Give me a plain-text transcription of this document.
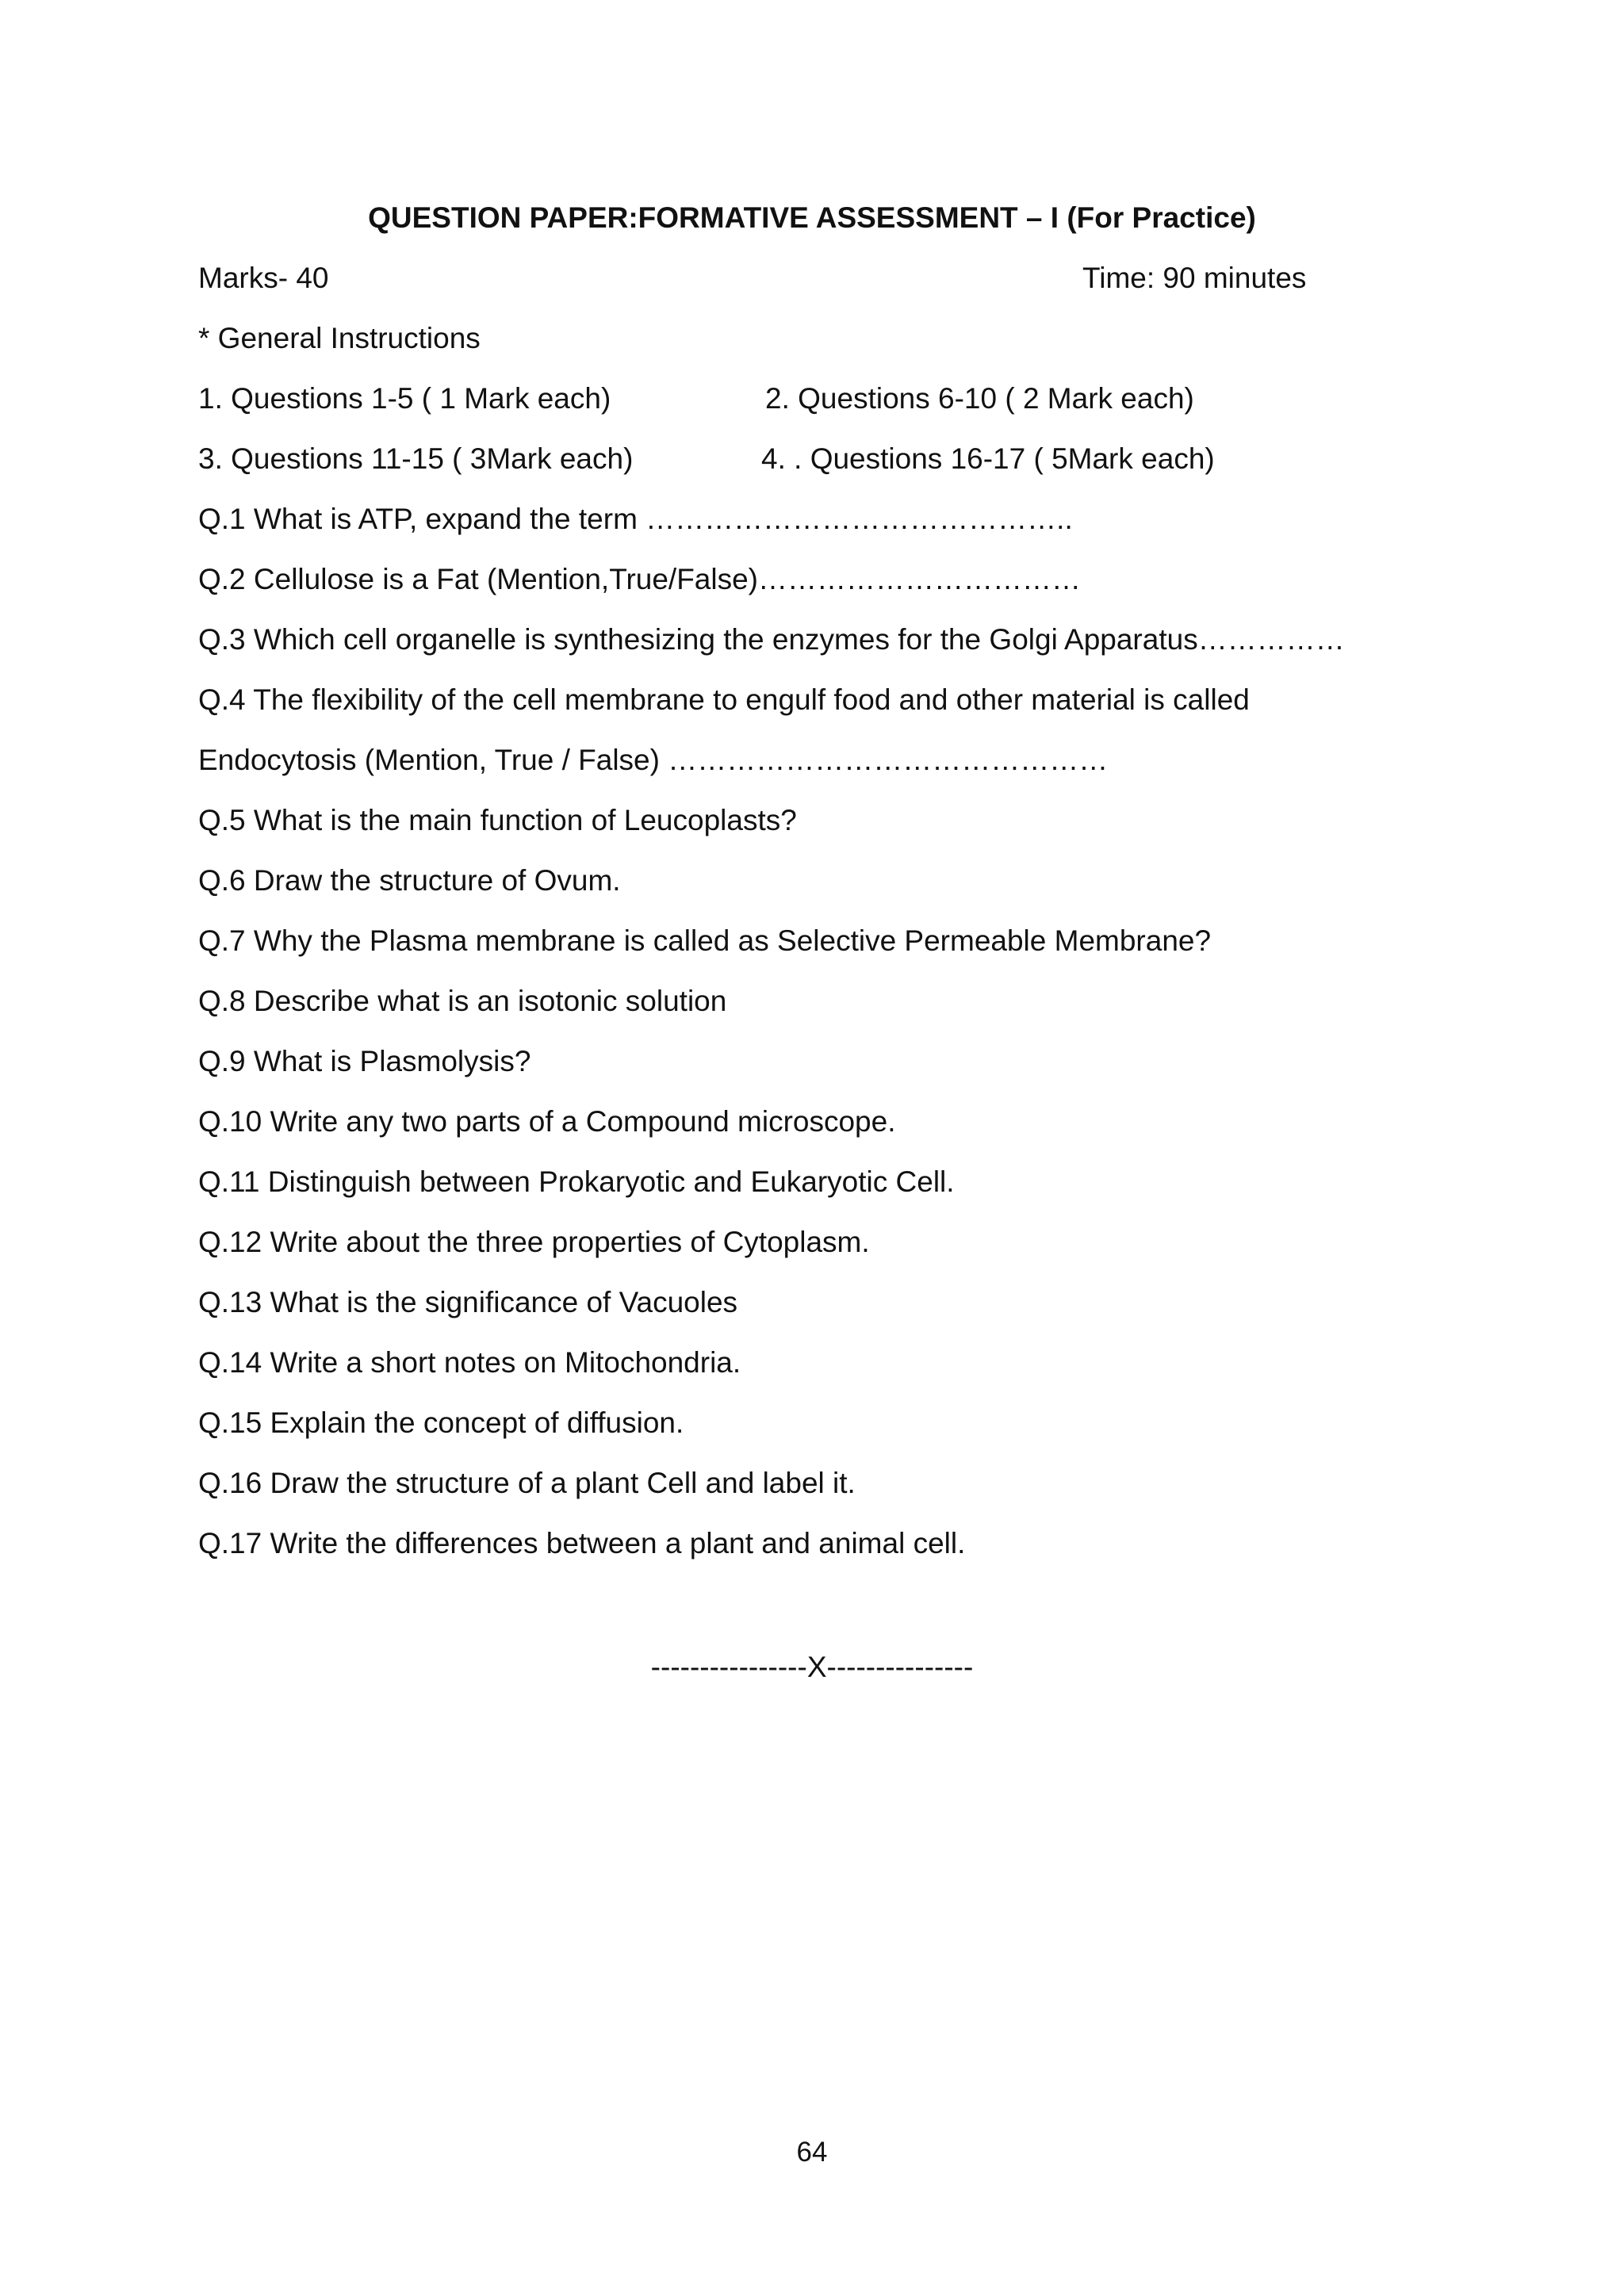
QUESTION PAPER:FORMATIVE ASSESSMENT – I (For Practice)
Marks- 40	Time: 90 minutes
* General Instructions
1. Questions 1-5 ( 1 Mark each)	2. Questions 6-10 ( 2 Mark each)
3. Questions 11-15 ( 3Mark each)	4. . Questions 16-17 ( 5Mark each)
Q.1 What is ATP, expand the term ……………………………………..
Q.2 Cellulose is a Fat (Mention,True/False)……………………………
Q.3 Which cell organelle is synthesizing the enzymes for the Golgi Apparatus……………
Q.4 The flexibility of the cell membrane to engulf food and other material is called
Endocytosis (Mention, True / False) ………………………………………
Q.5 What is the main function of Leucoplasts?
Q.6 Draw the structure of Ovum.
Q.7 Why the Plasma membrane is called as Selective Permeable Membrane?
Q.8 Describe what is an isotonic solution
Q.9 What is Plasmolysis?
Q.10 Write any two parts of a Compound microscope.
Q.11 Distinguish between Prokaryotic and Eukaryotic Cell.
Q.12 Write about the three properties of Cytoplasm.
Q.13 What is the significance of Vacuoles
Q.14 Write a short notes on Mitochondria.
Q.15 Explain the concept of diffusion.
Q.16 Draw the structure of a plant Cell and label it.
Q.17 Write the differences between a plant and animal cell.
----------------X---------------
64
